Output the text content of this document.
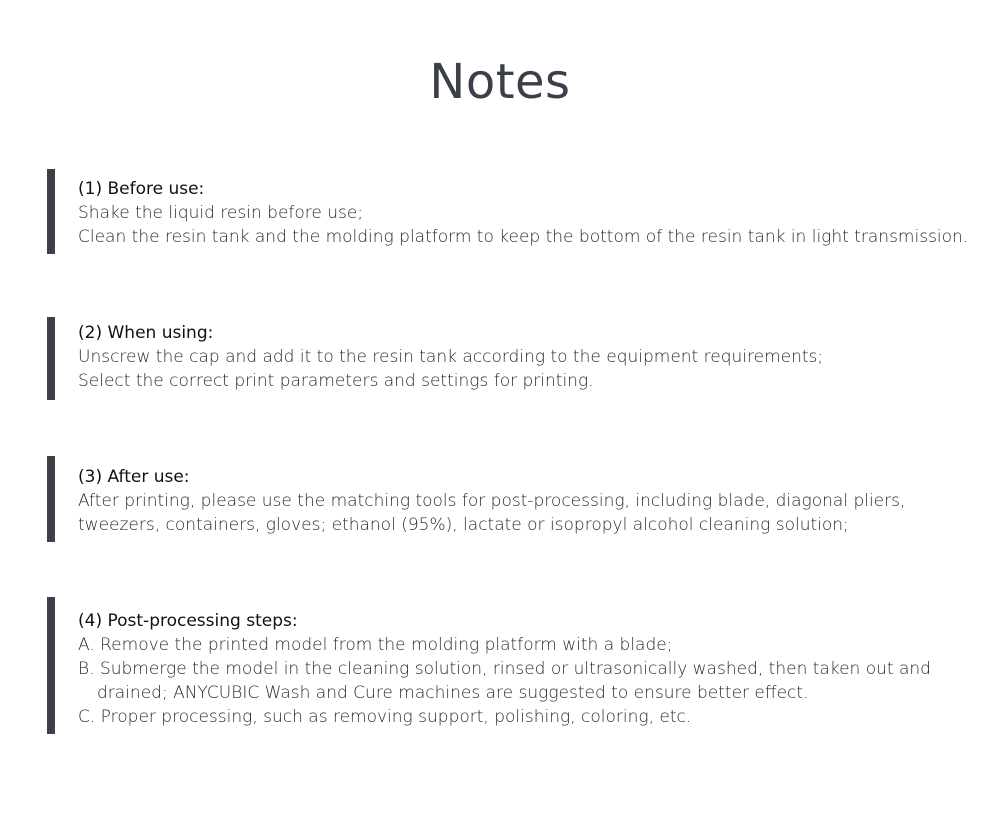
Notes
(1) Before use:
Shake the liquid resin before use;
Clean the resin tank and the molding platform to keep the bottom of the resin tank in light transmission.
(2) When using:
Unscrew the cap and add it to the resin tank according to the equipment requirements;
Select the correct print parameters and settings for printing.
(3) After use:
After printing, please use the matching tools for post-processing, including blade, diagonal pliers,
tweezers, containers, gloves; ethanol (95%), lactate or isopropyl alcohol cleaning solution;
(4) Post-processing steps:
A. Remove the printed model from the molding platform with a blade;
B. Submerge the model in the cleaning solution, rinsed or ultrasonically washed, then taken out and drained; ANYCUBIC Wash and Cure machines are suggested to ensure better effect.
C. Proper processing, such as removing support, polishing, coloring, etc.
